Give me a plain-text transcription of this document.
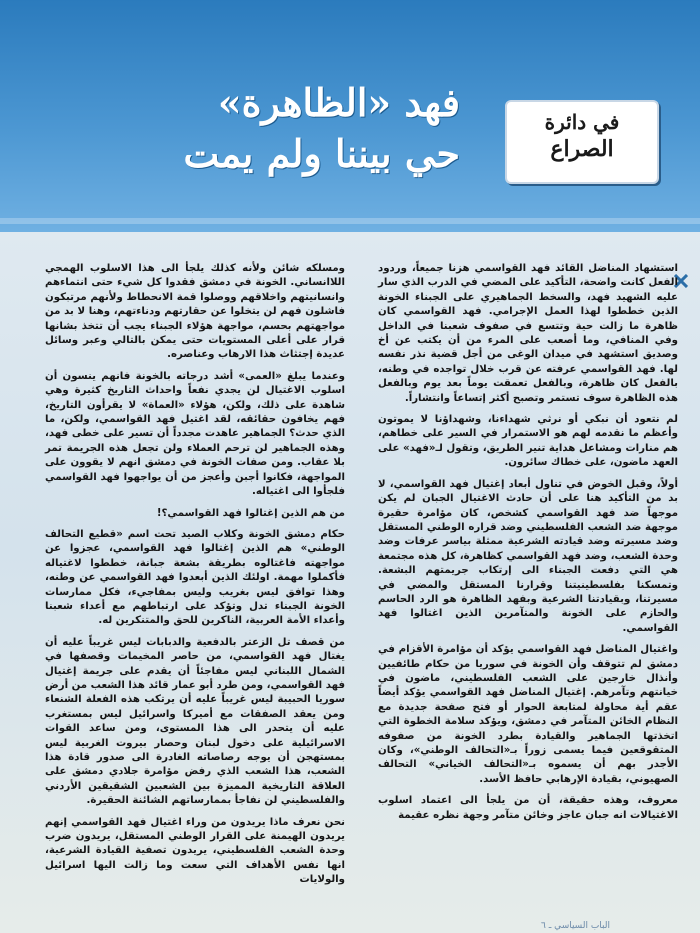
فهد «الظاهرة»

حي بيننا ولم يمت

في دائرة
الصراع

استشهاد المناضل القائد فهد القواسمي هزنا جميعاً، وردود الفعل كانت واضحة، التأكيد على المضي في الدرب الذي سار عليه الشهيد فهد، والسخط الجماهيري على الجبناء الخونة الذين خططوا لهذا العمل الإجرامي. فهد القواسمي كان ظاهرة ما زالت حية وتتسع في صفوف شعبنا في الداخل وفي المنافي، وما أصعب على المرء من أن يكتب عن أخ وصديق استشهد في ميدان الوغى من أجل قضية نذر نفسه لها. فهد القواسمي عرفته عن قرب خلال تواجده في وطنه، بالفعل كان ظاهرة، وبالفعل تعمقت يوماً بعد يوم وبالفعل هذه الظاهرة سوف تستمر وتصبح أكثر إتساعاً وانتشاراً.

لم نتعود أن نبكي أو نرثي شهداءنا، وشهداؤنا لا يموتون وأعظم ما نقدمه لهم هو الاستمرار في السير على خطاهم، هم منارات ومشاعل هداية تنير الطريق، وتقول لـ«فهد» على العهد ماضون، على خطاك سائرون.

أولاً، وقبل الخوض في تناول أبعاد إغتيال فهد القواسمي، لا بد من التأكيد هنا على أن حادث الاغتيال الجبان لم يكن موجهاً ضد فهد القواسمي كشخص، كان مؤامرة حقيرة موجهة ضد الشعب الفلسطيني وضد قراره الوطني المستقل وضد مسيرته وضد قيادته الشرعية ممثلة بياسر عرفات وضد وحدة الشعب، وضد فهد القواسمي كظاهرة، كل هذه مجتمعة هي التي دفعت الجبناء الى إرتكاب جريمتهم البشعة. وتمسكنا بفلسطينيتنا وقرارنا المستقل والمضي في مسيرتنا، وبقيادتنا الشرعية وبفهد الظاهرة هو الرد الحاسم والحازم على الخونة والمتآمرين الذين اغتالوا فهد القواسمي.

واغتيال المناضل فهد القواسمي يؤكد أن مؤامرة الأقزام في دمشق لم تتوقف وأن الخونة في سوريا من حكام طائفيين وأنذال خارجين على الشعب الفلسطيني، ماضون في خيانتهم وتآمرهم. إغتيال المناضل فهد القواسمي يؤكد أيضاً عقم أية محاولة لمتابعة الحوار أو فتح صفحة جديدة مع النظام الخائن المتآمر في دمشق، ويؤكد سلامة الخطوة التي اتخذتها الجماهير والقيادة بطرد الخونة من صفوفه المتقوقعين فيما يسمى زوراً بـ«التحالف الوطني»، وكان الأجدر بهم أن يسموه بـ«التحالف الخياني» التحالف الصهيوني، بقيادة الإرهابي حافظ الأسد.

معروف، وهذه حقيقة، أن من يلجأ الى اعتماد اسلوب الاغتيالات انه جبان عاجز وخائن متآمر وجهة نظره عقيمة

ومسلكه شائن ولأنه كذلك يلجأ الى هذا الاسلوب الهمجي اللاانساني. الخونة في دمشق فقدوا كل شيء حتى انتماءهم وانسانيتهم واخلاقهم ووصلوا قمة الانحطاط ولأنهم مرتبكون فاشلون فهم لن يتخلوا عن حقارتهم ودناءتهم، وهنا لا بد من مواجهتهم بحسم، مواجهة هؤلاء الجبناء يجب أن تتخذ بشانها قرار على أعلى المستويات حتى يمكن بالتالي وعبر وسائل عديدة إجتثاث هذا الارهاب وعناصره.

وعندما يبلغ «العمى» أشد درجاته بالخونة فانهم ينسون أن اسلوب الاغتيال لن يجدي نفعاً واحداث التاريخ كثيرة وهي شاهدة على ذلك، ولكن، هؤلاء «العماة» لا يقرأون التاريخ، فهم يخافون حقائقه، لقد اغتيل فهد القواسمي، ولكن، ما الذي حدث؟ الجماهير عاهدت مجدداً أن تسير على خطى فهد، وهذه الجماهير لن ترحم العملاء ولن تجعل هذه الجريمة تمر بلا عقاب. ومن صفات الخونة في دمشق انهم لا يقوون على المواجهة، فكانوا أجبن وأعجز من أن يواجهوا فهد القواسمي فلجأوا الى اغتياله.

من هم الذين إغتالوا فهد القواسمي؟!

حكام دمشق الخونة وكلاب الصيد تحت اسم «قطيع التحالف الوطني» هم الذين إغتالوا فهد القواسمي، عجزوا عن مواجهته فاغتالوه بطريقة بشعة جبانة، خططوا لاغتياله فأكملوا مهمة. اولئك الذين أبعدوا فهد القواسمي عن وطنه، وهذا توافق ليس بغريب وليس بمفاجيء، فكل ممارسات الخونة الجبناء تدل وتؤكد على ارتباطهم مع أعداء شعبنا وأعداء الأمة العربية، الناكرين للحق والمتنكرين له.

من قصف تل الزعتر بالدفعية والدبابات ليس غريباً عليه أن يغتال فهد القواسمي، من حاصر المخيمات وقصفها في الشمال اللبناني ليس مفاجئاً أن يقدم على جريمة إغتيال فهد القواسمي، ومن طرد أبو عمار قائد هذا الشعب من أرض سوريا الحبيبة ليس غريباً عليه أن يرتكب هذه الفعلة الشنعاء ومن يعقد الصفقات مع أميركا واسرائيل ليس بمستغرب عليه أن يتحدر الى هذا المستوى، ومن ساعد القوات الاسرائيلية على دخول لبنان وحصار بيروت الغربية ليس بمستهجن أن يوجه رصاصاته الغادرة الى صدور قادة هذا الشعب، هذا الشعب الذي رفض مؤامرة جلادي دمشق على العلاقة التاريخية المميزة بين الشعبين الشقيقين الأردني والفلسطيني لن نفاجأ بممارساتهم الشائنة الحقيرة.

نحن نعرف ماذا يريدون من وراء اغتيال فهد القواسمي إنهم يريدون الهيمنة على القرار الوطني المستقل، يريدون ضرب وحدة الشعب الفلسطيني، يريدون تصفية القيادة الشرعية، انها نفس الأهداف التي سعت وما زالت اليها اسرائيل والولايات

الباب السياسي ـ ٦
